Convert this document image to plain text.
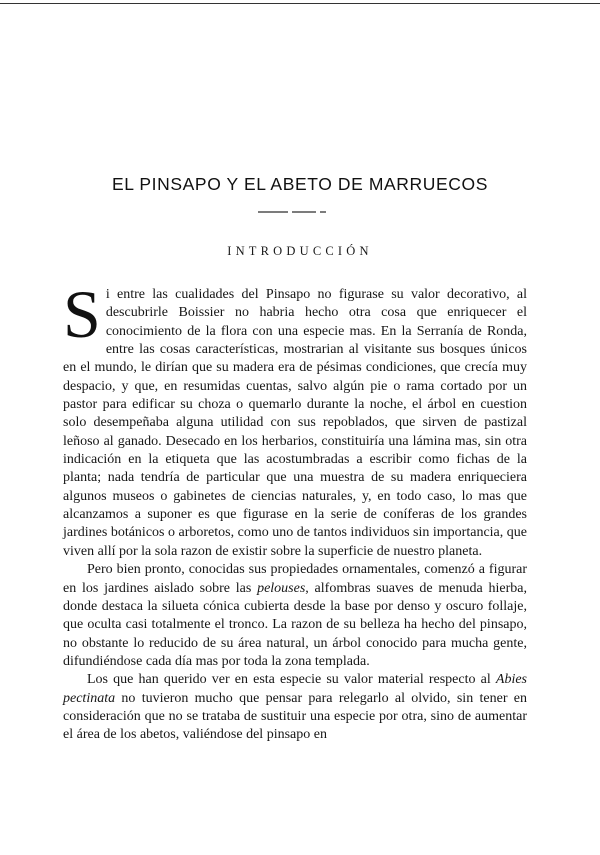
EL PINSAPO Y EL ABETO DE MARRUECOS
INTRODUCCIÓN

Si entre las cualidades del Pinsapo no figurase su valor decorativo, al descubrirle Boissier no habria hecho otra cosa que enriquecer el conocimiento de la flora con una especie mas. En la Serranía de Ronda, entre las cosas características, mostrarian al visitante sus bosques únicos en el mundo, le dirían que su madera era de pésimas condiciones, que crecía muy despacio, y que, en resumidas cuentas, salvo algún pie o rama cortado por un pastor para edificar su choza o quemarlo durante la noche, el árbol en cuestion solo desempeñaba alguna utilidad con sus repoblados, que sirven de pastizal leñoso al ganado. Desecado en los herbarios, constituiría una lámina mas, sin otra indicación en la etiqueta que las acostumbradas a escribir como fichas de la planta; nada tendría de particular que una muestra de su madera enriqueciera algunos museos o gabinetes de ciencias naturales, y, en todo caso, lo mas que alcanzamos a suponer es que figurase en la serie de coníferas de los grandes jardines botánicos o arboretos, como uno de tantos individuos sin importancia, que viven allí por la sola razon de existir sobre la superficie de nuestro planeta.

Pero bien pronto, conocidas sus propiedades ornamentales, comenzó a figurar en los jardines aislado sobre las pelouses, alfombras suaves de menuda hierba, donde destaca la silueta cónica cubierta desde la base por denso y oscuro follaje, que oculta casi totalmente el tronco. La razon de su belleza ha hecho del pinsapo, no obstante lo reducido de su área natural, un árbol conocido para mucha gente, difundiéndose cada día mas por toda la zona templada.

Los que han querido ver en esta especie su valor material respecto al Abies pectinata no tuvieron mucho que pensar para relegarlo al olvido, sin tener en consideración que no se trataba de sustituir una especie por otra, sino de aumentar el área de los abetos, valiéndose del pinsapo en
